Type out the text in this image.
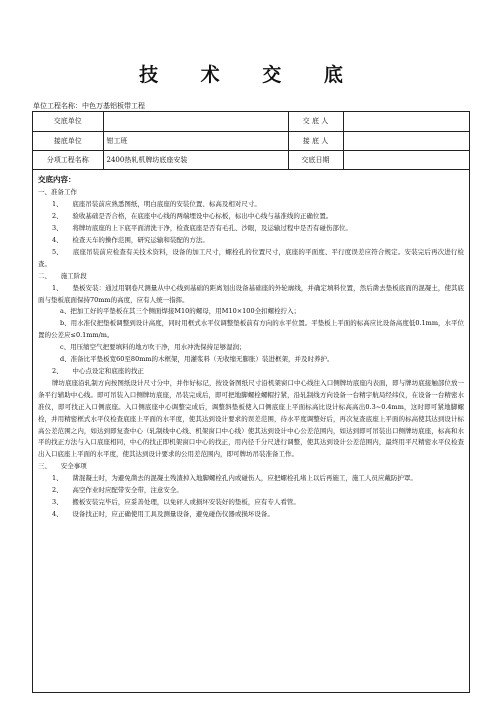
技 术 交 底
单位工程名称：中色万基铝板带工程
交底单位		交 底 人	
接底单位	钳工班	接 底 人	
分项工程名称	2400热轧机牌坊底座安装	交底日期	
交底内容：

一、准备工作

1、　　底座吊装前应熟悉图纸，明白底座的安装位置、标高及相对尺寸。

2、　　验收基础是否合格，在底座中心线的两端埋设中心标板，标出中心线与基准线的正确位置。

3、　　将牌坊底座的上下底平面清洗干净，检查底座是否有毛孔、沙眼，及运输过程中是否有碰伤部位。

4、　　检查天车的操作范围，研究运输和装配的方法。

5、　　底座吊装前应检查有关技术资料，设备的加工尺寸，螺栓孔的位置尺寸，底座的平面度、平行度误差应符合规定。安装完后再次进行检查。

二、　　施工阶段

1、　　垫板安装：通过用钢卷尺测量从中心线到基础的距离划出设备基础座的外轮廓线，并确定填料位置，然后凿去垫板底面的混凝土，使其底面与垫板底面保持70mm的高度，应有人统一指挥。

a、把加工好的平垫板在其三个侧面焊接M10的螺母，用M10×100全扣螺栓拧入；

b、用水准仪把垫板调整到设计高度，同时用框式水平仪调整垫板前有方向的水平位置。平垫板上平面的标高应比设备高度低0.1mm，水平位置的公差应≤0.1mm/m。

c、用压缩空气把要填料的地方吹干净，用水冲洗保持足够湿润；

d、准备比平垫板宽60至80mm的木框架，用灌浆料（无收缩无膨胀）装进框架，并及时养护。

2、　　中心点设定和底座的找正

牌坊底座沿轧制方向按图纸设计尺寸分中，并作好标记，按设备图纸尺寸沿机架窗口中心线往入口侧牌坊底座内表面，即与牌坊底接触部位放一条平行辅助中心线。即可吊装入口侧牌坊底座，吊装完成后，即可把地脚螺栓螺帽拧紧，沿轧制线方向设备一台精宇航局经纬仪，在设备一台精密水准仪，即可找正入口侧底座。入口侧底座中心调整完成后，调整斜垫板使入口侧底座上平面标高比设计标高高出0.3~0.4mm，这时即可紧地脚螺栓，并用精密框式水平仪检查底座上平面的水平度，使其达到设计要求的误差范围，待水平度调整好后，再次复查底座上平面的标高使其达到设计标高公差范围之内，如达到即复查中心（轧制线中心线、机架窗口中心线）使其达到设计中心公差范围内，如达到即可吊装出口侧牌坊底座，标高和水平的找正方法与入口底座相同，中心的找正即机架窗口中心的找正，用内径千分尺进行调整，使其达到设计公差范围内，最终用平尺精密水平仪检查出入口底座上平面的水平度，使其达到设计要求的公用差范围内，即可牌坊吊装准备工作。

三、　　安全事项

1、　　凿混凝土时，为避免凿去的混凝土残渣掉入地脚螺栓孔内或碰伤人，应把螺栓孔堵上以后再施工，施工人员应戴防护罩。

2、　　高空作业时应配带安全带，注意安全。

3、　　搬板安装完毕后，应妥善处理，以免砰人或损坏安装好的垫板，应有专人看管。

4、　　设备找正时，应正确使用工具及测量设备，避免碰伤仪器或损坏设备。
